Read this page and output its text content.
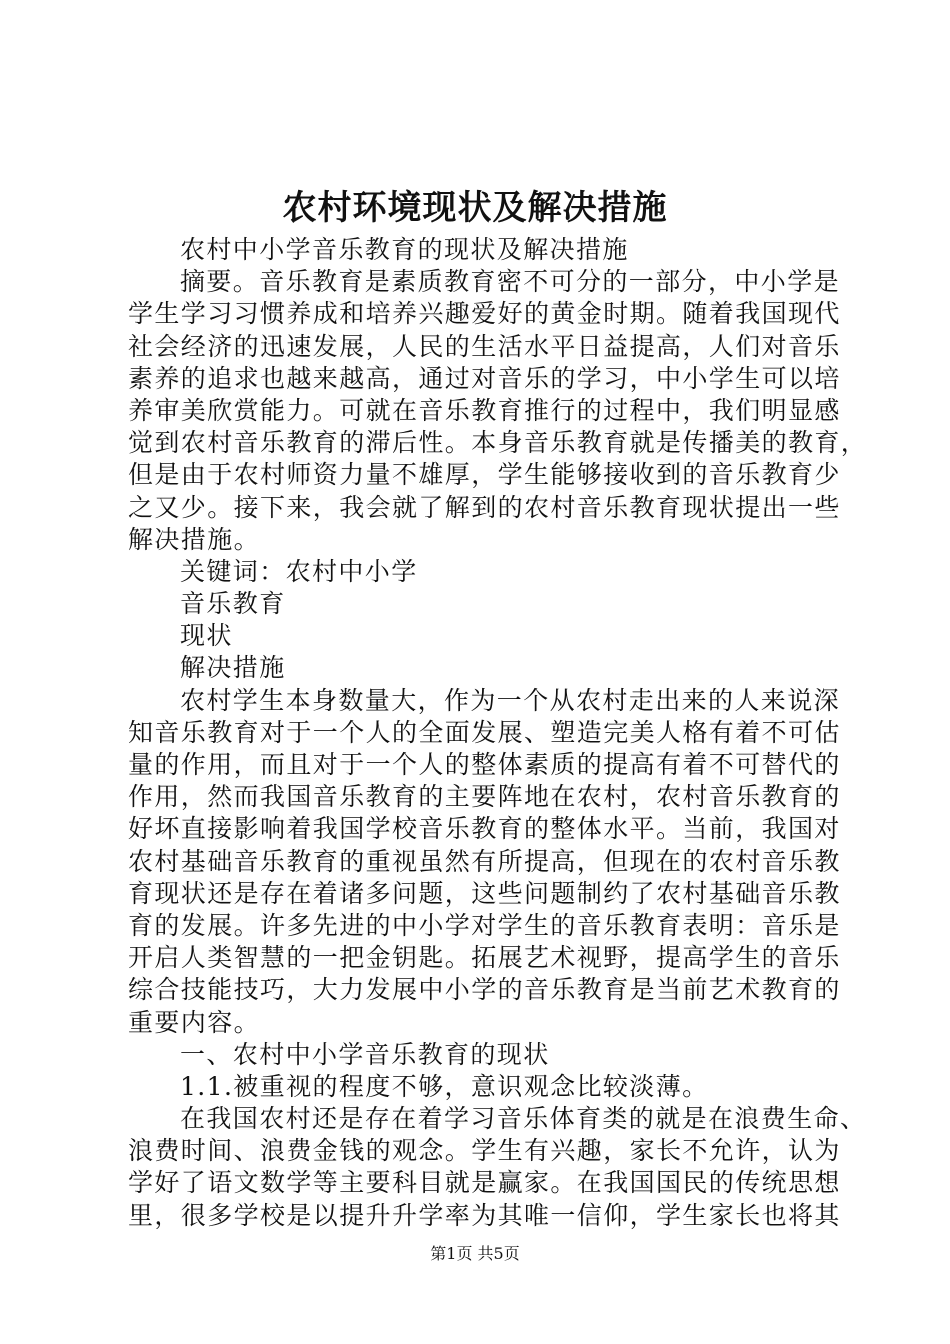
农村环境现状及解决措施
农村中小学音乐教育的现状及解决措施
摘要。音乐教育是素质教育密不可分的一部分，中小学是
学生学习习惯养成和培养兴趣爱好的黄金时期。随着我国现代
社会经济的迅速发展，人民的生活水平日益提高，人们对音乐
素养的追求也越来越高，通过对音乐的学习，中小学生可以培
养审美欣赏能力。可就在音乐教育推行的过程中，我们明显感
觉到农村音乐教育的滞后性。本身音乐教育就是传播美的教育，
但是由于农村师资力量不雄厚，学生能够接收到的音乐教育少
之又少。接下来，我会就了解到的农村音乐教育现状提出一些
解决措施。
关键词：农村中小学
音乐教育
现状
解决措施
农村学生本身数量大，作为一个从农村走出来的人来说深
知音乐教育对于一个人的全面发展、塑造完美人格有着不可估
量的作用，而且对于一个人的整体素质的提高有着不可替代的
作用，然而我国音乐教育的主要阵地在农村，农村音乐教育的
好坏直接影响着我国学校音乐教育的整体水平。当前，我国对
农村基础音乐教育的重视虽然有所提高，但现在的农村音乐教
育现状还是存在着诸多问题，这些问题制约了农村基础音乐教
育的发展。许多先进的中小学对学生的音乐教育表明：音乐是
开启人类智慧的一把金钥匙。拓展艺术视野，提高学生的音乐
综合技能技巧，大力发展中小学的音乐教育是当前艺术教育的
重要内容。
一、农村中小学音乐教育的现状
1.1.被重视的程度不够，意识观念比较淡薄。
在我国农村还是存在着学习音乐体育类的就是在浪费生命、
浪费时间、浪费金钱的观念。学生有兴趣，家长不允许，认为
学好了语文数学等主要科目就是赢家。在我国国民的传统思想
里，很多学校是以提升升学率为其唯一信仰，学生家长也将其
第1页 共5页
